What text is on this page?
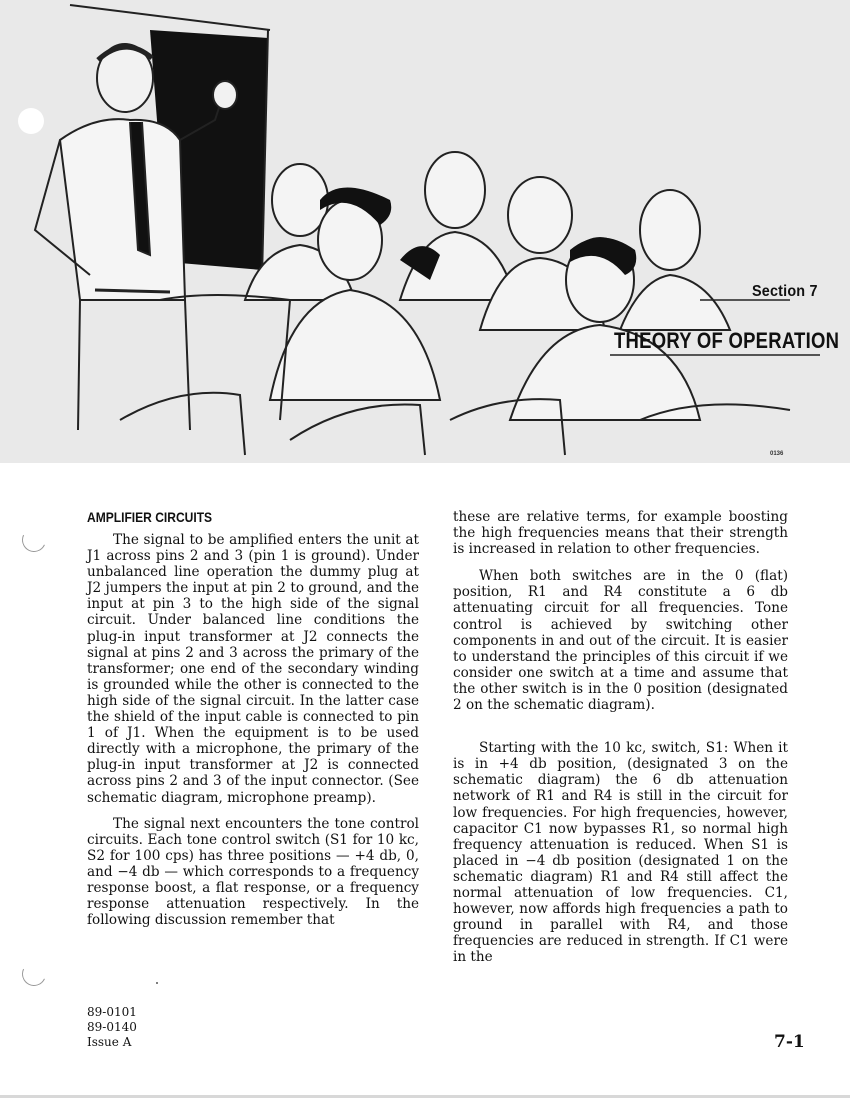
Section 7
THEORY OF OPERATION
0136
AMPLIFIER CIRCUITS

The signal to be amplified enters the unit at J1 across pins 2 and 3 (pin 1 is ground). Under unbalanced line operation the dummy plug at J2 jumpers the input at pin 2 to ground, and the input at pin 3 to the high side of the signal circuit. Under balanced line conditions the plug-in input transformer at J2 connects the signal at pins 2 and 3 across the primary of the transformer; one end of the secondary winding is grounded while the other is connected to the high side of the signal circuit. In the latter case the shield of the input cable is connected to pin 1 of J1. When the equipment is to be used directly with a microphone, the primary of the plug-in input transformer at J2 is connected across pins 2 and 3 of the input connector. (See schematic diagram, microphone preamp).

The signal next encounters the tone control circuits. Each tone control switch (S1 for 10 kc, S2 for 100 cps) has three positions — +4 db, 0, and −4 db — which corresponds to a frequency response boost, a flat response, or a frequency response attenuation respectively. In the following discussion remember that

these are relative terms, for example boosting the high frequencies means that their strength is increased in relation to other frequencies.

When both switches are in the 0 (flat) position, R1 and R4 constitute a 6 db attenuating circuit for all frequencies. Tone control is achieved by switching other components in and out of the circuit. It is easier to understand the principles of this circuit if we consider one switch at a time and assume that the other switch is in the 0 position (designated 2 on the schematic diagram).

Starting with the 10 kc, switch, S1: When it is in +4 db position, (designated 3 on the schematic diagram) the 6 db attenuation network of R1 and R4 is still in the circuit for low frequencies. For high frequencies, however, capacitor C1 now bypasses R1, so normal high frequency attenuation is reduced. When S1 is placed in −4 db position (designated 1 on the schematic diagram) R1 and R4 still affect the normal attenuation of low frequencies. C1, however, now affords high frequencies a path to ground in parallel with R4, and those frequencies are reduced in strength. If C1 were in the

89-0101
89-0140
Issue A	7-1
